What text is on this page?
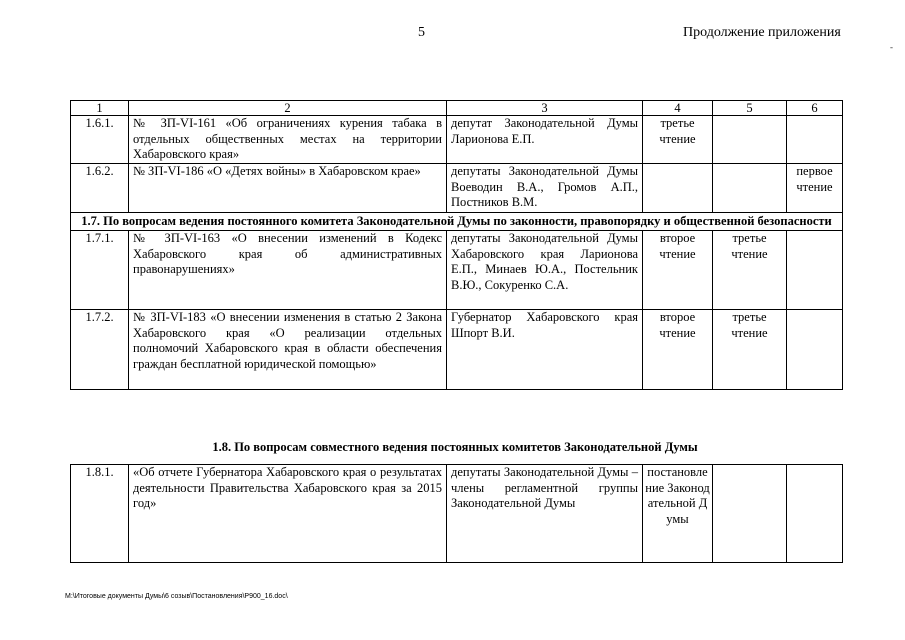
5	Продолжение приложения
-
1	2	3	4	5	6
1.6.1.	№ ЗП-VI-161 «Об ограничениях курения табака в отдельных общественных местах на территории Хабаровского края»	депутат Законодательной Думы Ларионова Е.П.	третье чтение		
1.6.2.	№ ЗП-VI-186 «О «Детях войны» в Хабаровском крае»	депутаты Законодательной Думы Воеводин В.А., Громов А.П., Постников В.М.			первое чтение
1.7. По вопросам ведения постоянного комитета Законодательной Думы по законности, правопорядку и общественной безопасности					
1.7.1.	№ ЗП-VI-163 «О внесении изменений в Кодекс Хабаровского края об административных правонарушениях»	депутаты Законодательной Думы Хабаровского края Ларионова Е.П., Минаев Ю.А., Постельник В.Ю., Сокуренко С.А.	второе чтение	третье чтение	
1.7.2.	№ ЗП-VI-183 «О внесении изменения в статью 2 Закона Хабаровского края «О реализации отдельных полномочий Хабаровского края в области обеспечения граждан бесплатной юридической помощью»	Губернатор Хабаровского края Шпорт В.И.	второе чтение	третье чтение	
1.8. По вопросам совместного ведения постоянных комитетов Законодательной Думы
1.8.1.	«Об отчете Губернатора Хабаровского края о результатах деятельности Правительства Хабаровского края за 2015 год»	депутаты Законодательной Думы – члены регламентной группы Законодательной Думы	постановление Законодательной Думы		
M:\Итоговые документы Думы\6 созыв\Постановления\Р900_16.doc\
